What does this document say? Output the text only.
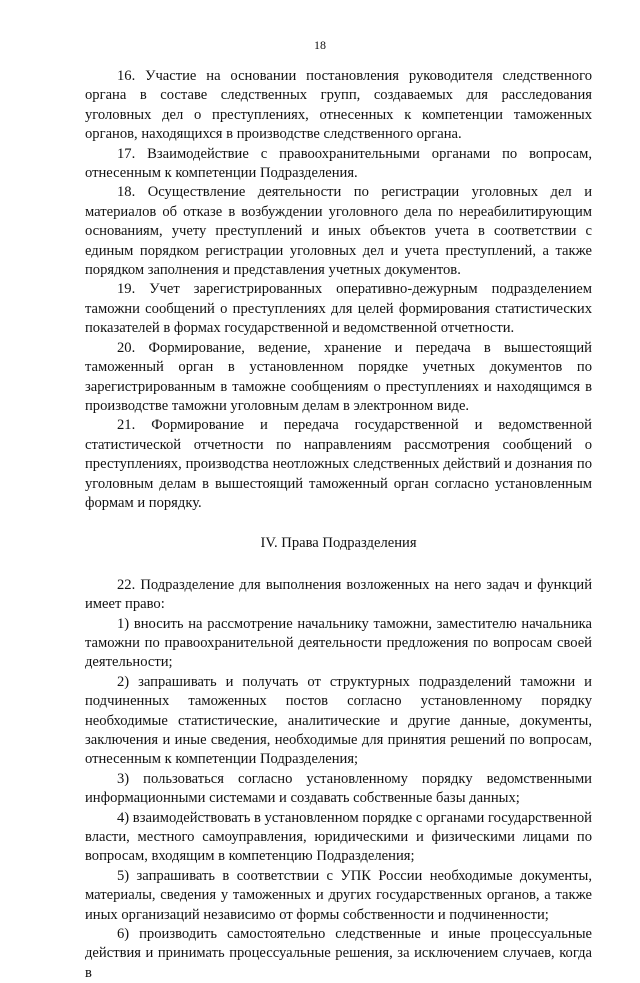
18

16. Участие на основании постановления руководителя следственного органа в составе следственных групп, создаваемых для расследования уголовных дел о преступлениях, отнесенных к компетенции таможенных органов, находящихся в производстве следственного органа.

17. Взаимодействие с правоохранительными органами по вопросам, отнесенным к компетенции Подразделения.

18. Осуществление деятельности по регистрации уголовных дел и материалов об отказе в возбуждении уголовного дела по нереабилитирующим основаниям, учету преступлений и иных объектов учета в соответствии с единым порядком регистрации уголовных дел и учета преступлений, а также порядком заполнения и представления учетных документов.

19. Учет зарегистрированных оперативно-дежурным подразделением таможни сообщений о преступлениях для целей формирования статистических показателей в формах государственной и ведомственной отчетности.

20. Формирование, ведение, хранение и передача в вышестоящий таможенный орган в установленном порядке учетных документов по зарегистрированным в таможне сообщениям о преступлениях и находящимся в производстве таможни уголовным делам в электронном виде.

21. Формирование и передача государственной и ведомственной статистической отчетности по направлениям рассмотрения сообщений о преступлениях, производства неотложных следственных действий и дознания по уголовным делам в вышестоящий таможенный орган согласно установленным формам и порядку.

IV. Права Подразделения

22. Подразделение для выполнения возложенных на него задач и функций имеет право:

1) вносить на рассмотрение начальнику таможни, заместителю начальника таможни по правоохранительной деятельности предложения по вопросам своей деятельности;

2) запрашивать и получать от структурных подразделений таможни и подчиненных таможенных постов согласно установленному порядку необходимые статистические, аналитические и другие данные, документы, заключения и иные сведения, необходимые для принятия решений по вопросам, отнесенным к компетенции Подразделения;

3) пользоваться согласно установленному порядку ведомственными информационными системами и создавать собственные базы данных;

4) взаимодействовать в установленном порядке с органами государственной власти, местного самоуправления, юридическими и физическими лицами по вопросам, входящим в компетенцию Подразделения;

5) запрашивать в соответствии с УПК России необходимые документы, материалы, сведения у таможенных и других государственных органов, а также иных организаций независимо от формы собственности и подчиненности;

6) производить самостоятельно следственные и иные процессуальные действия и принимать процессуальные решения, за исключением случаев, когда в
